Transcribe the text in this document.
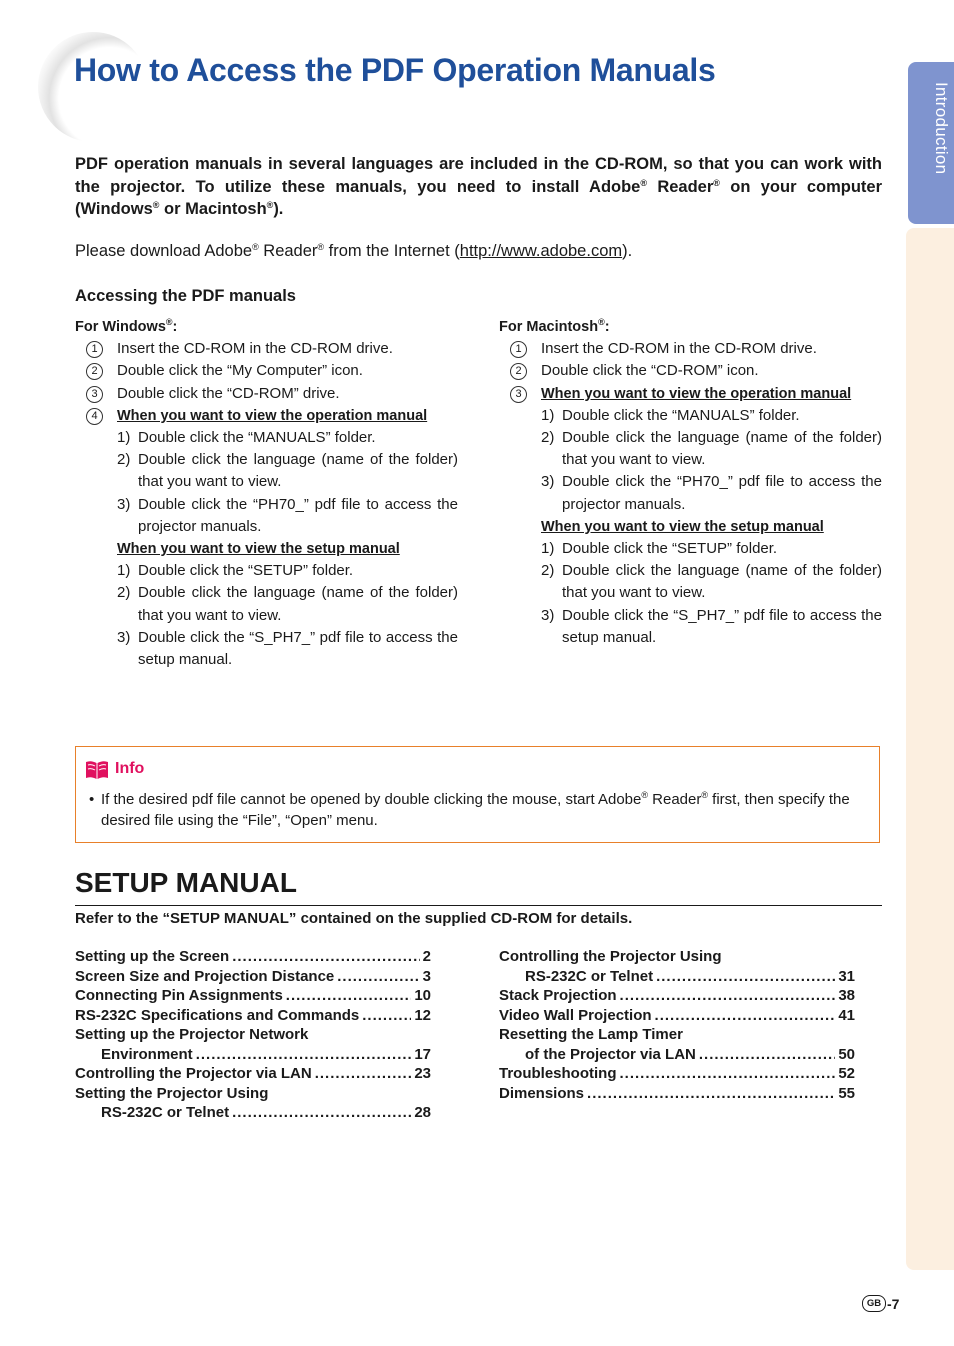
How to Access the PDF Operation Manuals
Introduction

PDF operation manuals in several languages are included in the CD-ROM, so that you can work with the projector. To utilize these manuals, you need to install Adobe® Reader® on your computer (Windows® or Macintosh®).

Please download Adobe® Reader® from the Internet (http://www.adobe.com).
Accessing the PDF manuals
For Windows®:
1	Insert the CD-ROM in the CD-ROM drive.
2	Double click the “My Computer” icon.
3	Double click the “CD-ROM” drive.
4	When you want to view the operation manual
1) Double click the “MANUALS” folder.
2) Double click the language (name of the folder) that you want to view.
3) Double click the “PH70_” pdf file to access the projector manuals.
When you want to view the setup manual
1) Double click the “SETUP” folder.
2) Double click the language (name of the folder) that you want to view.
3) Double click the “S_PH7_” pdf file to access the setup manual.
For Macintosh®:
1	Insert the CD-ROM in the CD-ROM drive.
2	Double click the “CD-ROM” icon.
3	When you want to view the operation manual
1) Double click the “MANUALS” folder.
2) Double click the language (name of the folder) that you want to view.
3) Double click the “PH70_” pdf file to access the projector manuals.
When you want to view the setup manual
1) Double click the “SETUP” folder.
2) Double click the language (name of the folder) that you want to view.
3) Double click the “S_PH7_” pdf file to access the setup manual.
Info
• If the desired pdf file cannot be opened by double clicking the mouse, start Adobe® Reader® first, then specify the desired file using the “File”, “Open” menu.
SETUP MANUAL
Refer to the “SETUP MANUAL” contained on the supplied CD-ROM for details.
Setting up the Screen .....	2
Screen Size and Projection Distance .....	3
Connecting Pin Assignments .....	10
RS-232C Specifications and Commands .....	12
Setting up the Projector Network
Environment .....	17
Controlling the Projector via LAN .....	23
Setting the Projector Using
RS-232C or Telnet .....	28
Controlling the Projector Using
RS-232C or Telnet .....	31
Stack Projection .....	38
Video Wall Projection .....	41
Resetting the Lamp Timer
of the Projector via LAN .....	50
Troubleshooting .....	52
Dimensions .....	55
GB -7
